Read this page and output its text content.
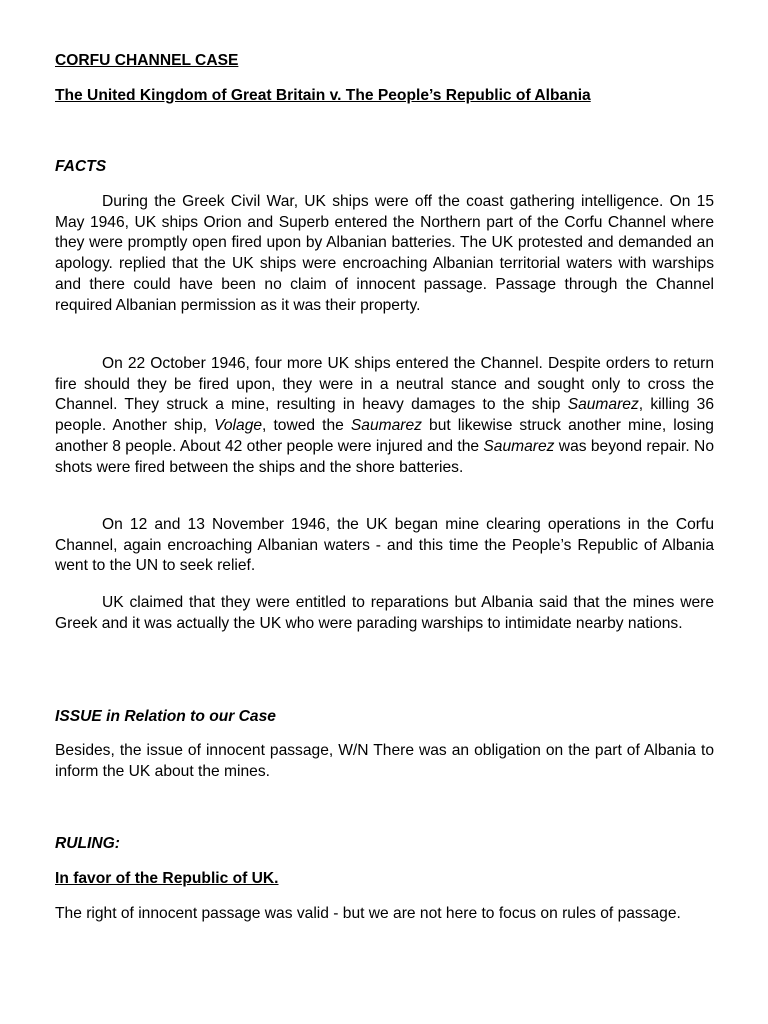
CORFU CHANNEL CASE

The United Kingdom of Great Britain v. The People’s Republic of Albania

FACTS

During the Greek Civil War, UK ships were off the coast gathering intelligence. On 15 May 1946, UK ships Orion and Superb entered the Northern part of the Corfu Channel where they were promptly open fired upon by Albanian batteries. The UK protested and demanded an apology. replied that the UK ships were encroaching Albanian territorial waters with warships and there could have been no claim of innocent passage. Passage through the Channel required Albanian permission as it was their property.

On 22 October 1946, four more UK ships entered the Channel. Despite orders to return fire should they be fired upon, they were in a neutral stance and sought only to cross the Channel. They struck a mine, resulting in heavy damages to the ship Saumarez, killing 36 people. Another ship, Volage, towed the Saumarez but likewise struck another mine, losing another 8 people. About 42 other people were injured and the Saumarez was beyond repair. No shots were fired between the ships and the shore batteries.

On 12 and 13 November 1946, the UK began mine clearing operations in the Corfu Channel, again encroaching Albanian waters - and this time the People’s Republic of Albania went to the UN to seek relief.

UK claimed that they were entitled to reparations but Albania said that the mines were Greek and it was actually the UK who were parading warships to intimidate nearby nations.

ISSUE in Relation to our Case

Besides, the issue of innocent passage, W/N There was an obligation on the part of Albania to inform the UK about the mines.

RULING:

In favor of the Republic of UK.

The right of innocent passage was valid - but we are not here to focus on rules of passage.
